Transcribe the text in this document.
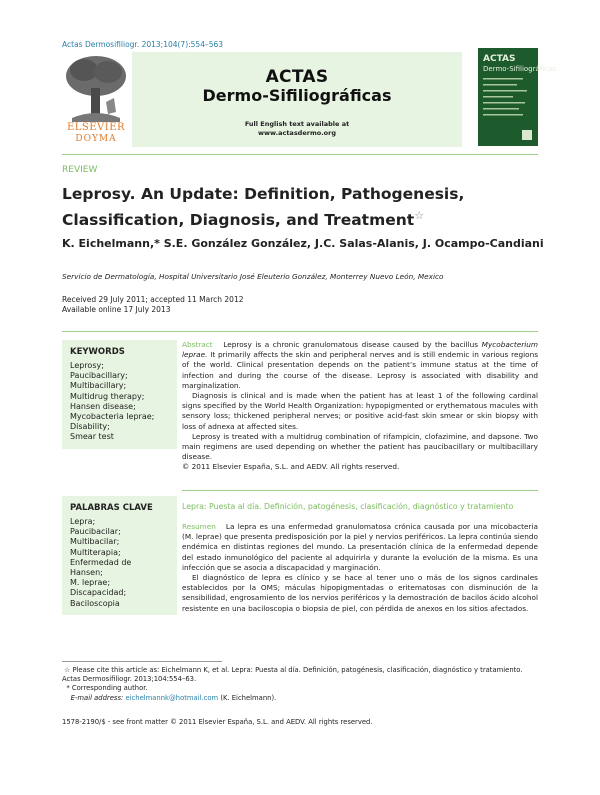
Actas Dermosifiliogr. 2013;104(7):554–563
ELSEVIER
DOYMA
ACTAS
Dermo-Sifiliográficas
Full English text available at
www.actasdermo.org
ACTAS
Dermo-Sifiliográficas
REVIEW
Leprosy. An Update: Definition, Pathogenesis, Classification, Diagnosis, and Treatment☆
K. Eichelmann,* S.E. González González, J.C. Salas-Alanis, J. Ocampo-Candiani
Servicio de Dermatología, Hospital Universitario José Eleuterio González, Monterrey Nuevo León, Mexico
Received 29 July 2011; accepted 11 March 2012
Available online 17 July 2013
KEYWORDS
Leprosy;
Paucibacillary;
Multibacillary;
Multidrug therapy;
Hansen disease;
Mycobacteria leprae;
Disability;
Smear test

Abstract Leprosy is a chronic granulomatous disease caused by the bacillus Mycobacterium leprae. It primarily affects the skin and peripheral nerves and is still endemic in various regions of the world. Clinical presentation depends on the patient’s immune status at the time of infection and during the course of the disease. Leprosy is associated with disability and marginalization.

Diagnosis is clinical and is made when the patient has at least 1 of the following cardinal signs specified by the World Health Organization: hypopigmented or erythematous macules with sensory loss; thickened peripheral nerves; or positive acid-fast skin smear or skin biopsy with loss of adnexa at affected sites.

Leprosy is treated with a multidrug combination of rifampicin, clofazimine, and dapsone. Two main regimens are used depending on whether the patient has paucibacillary or multibacillary disease.

© 2011 Elsevier España, S.L. and AEDV. All rights reserved.

PALABRAS CLAVE
Lepra;
Paucibacilar;
Multibacilar;
Multiterapia;
Enfermedad de
Hansen;
M. leprae;
Discapacidad;
Baciloscopia
Lepra: Puesta al día. Definición, patogénesis, clasificación, diagnóstico y tratamiento

Resumen La lepra es una enfermedad granulomatosa crónica causada por una micobacteria (M. leprae) que presenta predisposición por la piel y nervios periféricos. La lepra continúa siendo endémica en distintas regiones del mundo. La presentación clínica de la enfermedad depende del estado inmunológico del paciente al adquirirla y durante la evolución de la misma. Es una infección que se asocia a discapacidad y marginación.

El diagnóstico de lepra es clínico y se hace al tener uno o más de los signos cardinales establecidos por la OMS; máculas hipopigmentadas o eritematosas con disminución de la sensibilidad, engrosamiento de los nervios periféricos y la demostración de bacilos ácido alcohol resistente en una baciloscopia o biopsia de piel, con pérdida de anexos en los sitios afectados.

☆ Please cite this article as: Eichelmann K, et al. Lepra: Puesta al día. Definición, patogénesis, clasificación, diagnóstico y tratamiento.
Actas Dermosifiliogr. 2013;104:554–63.
* Corresponding author.
E-mail address: eichelmannk@hotmail.com (K. Eichelmann).
1578-2190/$ - see front matter © 2011 Elsevier España, S.L. and AEDV. All rights reserved.
